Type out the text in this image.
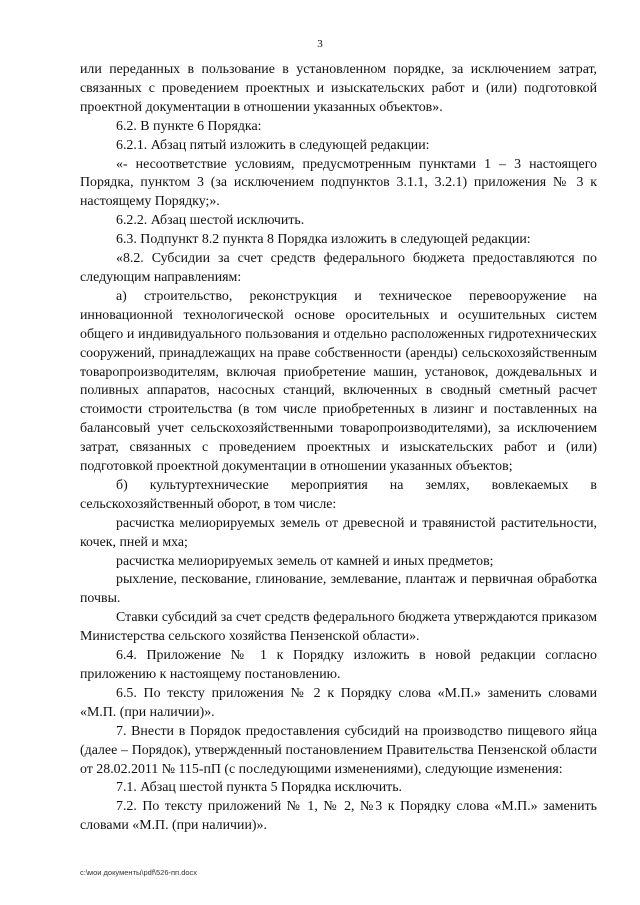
3

или переданных в пользование в установленном порядке, за исключением затрат, связанных с проведением проектных и изыскательских работ и (или) подготовкой проектной документации в отношении указанных объектов».

6.2. В пункте 6 Порядка:

6.2.1. Абзац пятый изложить в следующей редакции:

«- несоответствие условиям, предусмотренным пунктами 1 – 3 настоящего Порядка, пунктом 3 (за исключением подпунктов 3.1.1, 3.2.1) приложения № 3 к настоящему Порядку;».

6.2.2. Абзац шестой исключить.

6.3. Подпункт 8.2 пункта 8 Порядка изложить в следующей редакции:

«8.2. Субсидии за счет средств федерального бюджета предоставляются по следующим направлениям:

а) строительство, реконструкция и техническое перевооружение на инновационной технологической основе оросительных и осушительных систем общего и индивидуального пользования и отдельно расположенных гидротехнических сооружений, принадлежащих на праве собственности (аренды) сельскохозяйственным товаропроизводителям, включая приобретение машин, установок, дождевальных и поливных аппаратов, насосных станций, включенных в сводный сметный расчет стоимости строительства (в том числе приобретенных в лизинг и поставленных на балансовый учет сельскохозяйственными товаропроизводителями), за исключением затрат, связанных с проведением проектных и изыскательских работ и (или) подготовкой проектной документации в отношении указанных объектов;

б) культуртехнические мероприятия на землях, вовлекаемых в сельскохозяйственный оборот, в том числе:

расчистка мелиорируемых земель от древесной и травянистой растительности, кочек, пней и мха;

расчистка мелиорируемых земель от камней и иных предметов;

рыхление, пескование, глинование, землевание, плантаж и первичная обработка почвы.

Ставки субсидий за счет средств федерального бюджета утверждаются приказом Министерства сельского хозяйства Пензенской области».

6.4. Приложение № 1 к Порядку изложить в новой редакции согласно приложению к настоящему постановлению.

6.5. По тексту приложения № 2 к Порядку слова «М.П.» заменить словами «М.П. (при наличии)».

7. Внести в Порядок предоставления субсидий на производство пищевого яйца (далее – Порядок), утвержденный постановлением Правительства Пензенской области от 28.02.2011 № 115-пП (с последующими изменениями), следующие изменения:

7.1. Абзац шестой пункта 5 Порядка исключить.

7.2. По тексту приложений № 1, № 2, №3 к Порядку слова «М.П.» заменить словами «М.П. (при наличии)».

c:\мои документы\pdf\526-пп.docx
